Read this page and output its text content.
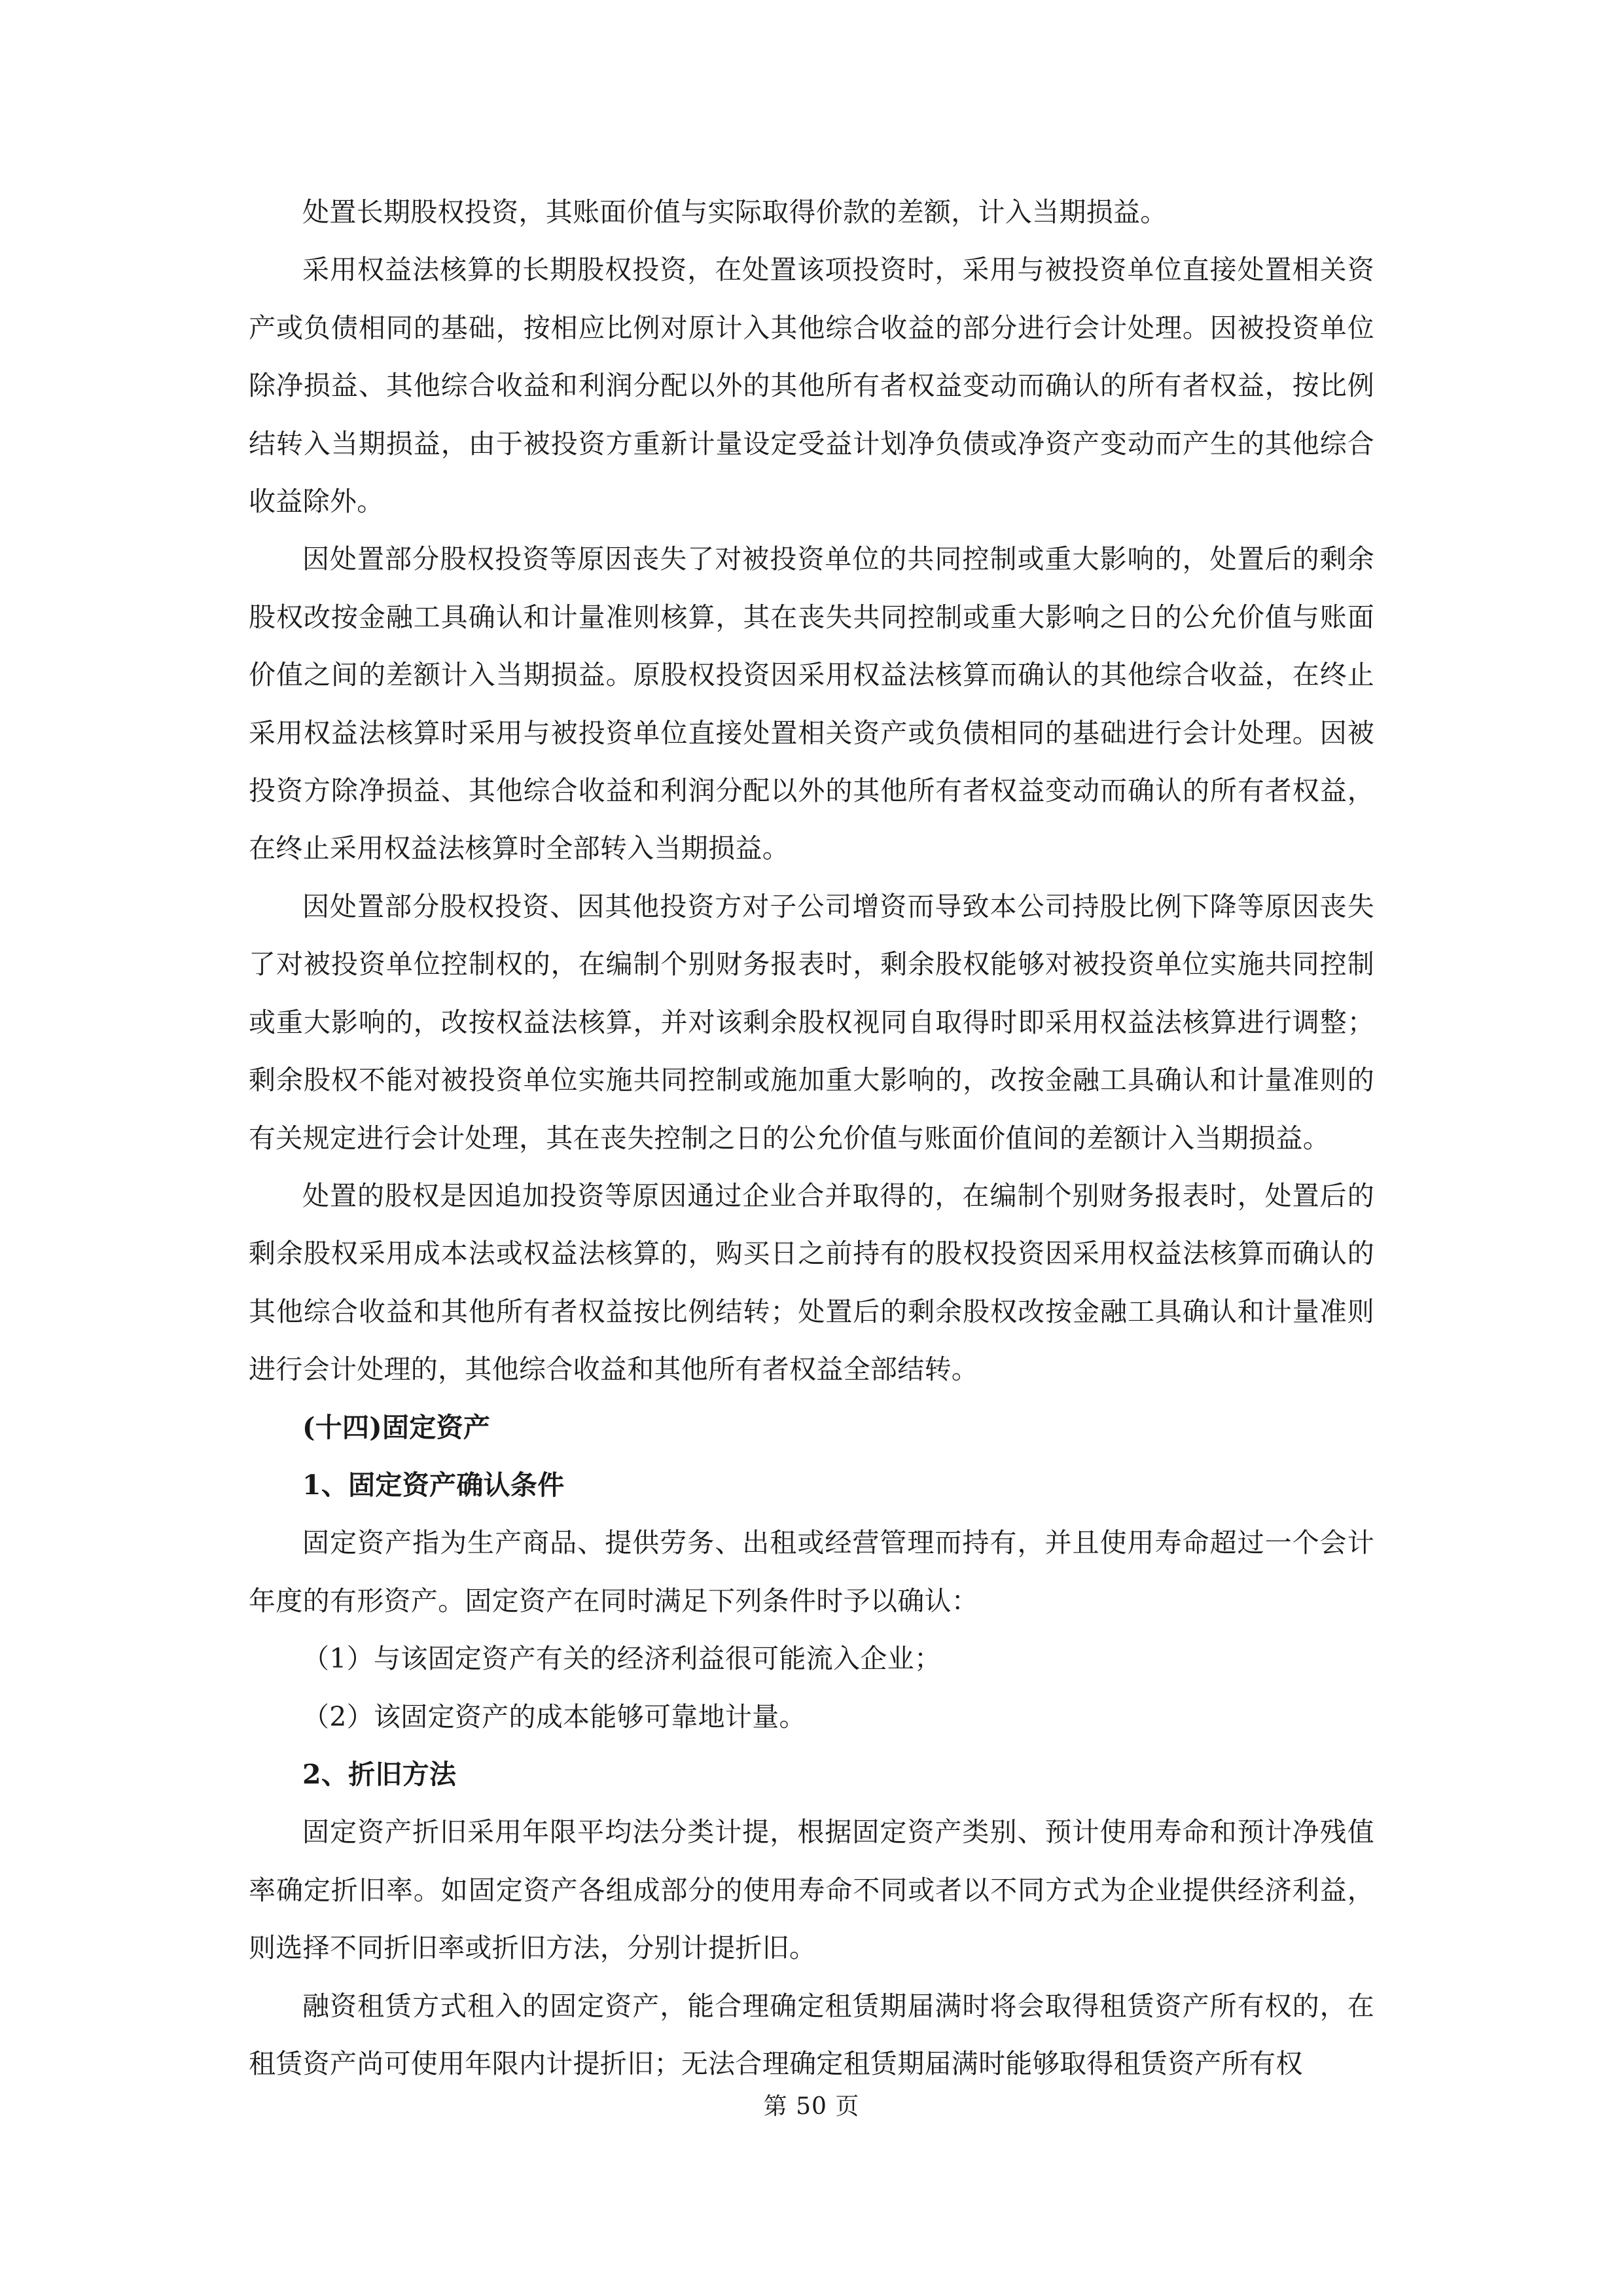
处置长期股权投资，其账面价值与实际取得价款的差额，计入当期损益。

采用权益法核算的长期股权投资，在处置该项投资时，采用与被投资单位直接处置相关资产或负债相同的基础，按相应比例对原计入其他综合收益的部分进行会计处理。因被投资单位除净损益、其他综合收益和利润分配以外的其他所有者权益变动而确认的所有者权益，按比例结转入当期损益，由于被投资方重新计量设定受益计划净负债或净资产变动而产生的其他综合收益除外。

因处置部分股权投资等原因丧失了对被投资单位的共同控制或重大影响的，处置后的剩余股权改按金融工具确认和计量准则核算，其在丧失共同控制或重大影响之日的公允价值与账面价值之间的差额计入当期损益。原股权投资因采用权益法核算而确认的其他综合收益，在终止采用权益法核算时采用与被投资单位直接处置相关资产或负债相同的基础进行会计处理。因被投资方除净损益、其他综合收益和利润分配以外的其他所有者权益变动而确认的所有者权益，在终止采用权益法核算时全部转入当期损益。

因处置部分股权投资、因其他投资方对子公司增资而导致本公司持股比例下降等原因丧失了对被投资单位控制权的，在编制个别财务报表时，剩余股权能够对被投资单位实施共同控制或重大影响的，改按权益法核算，并对该剩余股权视同自取得时即采用权益法核算进行调整；剩余股权不能对被投资单位实施共同控制或施加重大影响的，改按金融工具确认和计量准则的有关规定进行会计处理，其在丧失控制之日的公允价值与账面价值间的差额计入当期损益。

处置的股权是因追加投资等原因通过企业合并取得的，在编制个别财务报表时，处置后的剩余股权采用成本法或权益法核算的，购买日之前持有的股权投资因采用权益法核算而确认的其他综合收益和其他所有者权益按比例结转；处置后的剩余股权改按金融工具确认和计量准则进行会计处理的，其他综合收益和其他所有者权益全部结转。

(十四)固定资产

1、固定资产确认条件

固定资产指为生产商品、提供劳务、出租或经营管理而持有，并且使用寿命超过一个会计年度的有形资产。固定资产在同时满足下列条件时予以确认：

（1）与该固定资产有关的经济利益很可能流入企业；

（2）该固定资产的成本能够可靠地计量。

2、折旧方法

固定资产折旧采用年限平均法分类计提，根据固定资产类别、预计使用寿命和预计净残值率确定折旧率。如固定资产各组成部分的使用寿命不同或者以不同方式为企业提供经济利益，则选择不同折旧率或折旧方法，分别计提折旧。

融资租赁方式租入的固定资产，能合理确定租赁期届满时将会取得租赁资产所有权的，在租赁资产尚可使用年限内计提折旧；无法合理确定租赁期届满时能够取得租赁资产所有权

第 50 页
